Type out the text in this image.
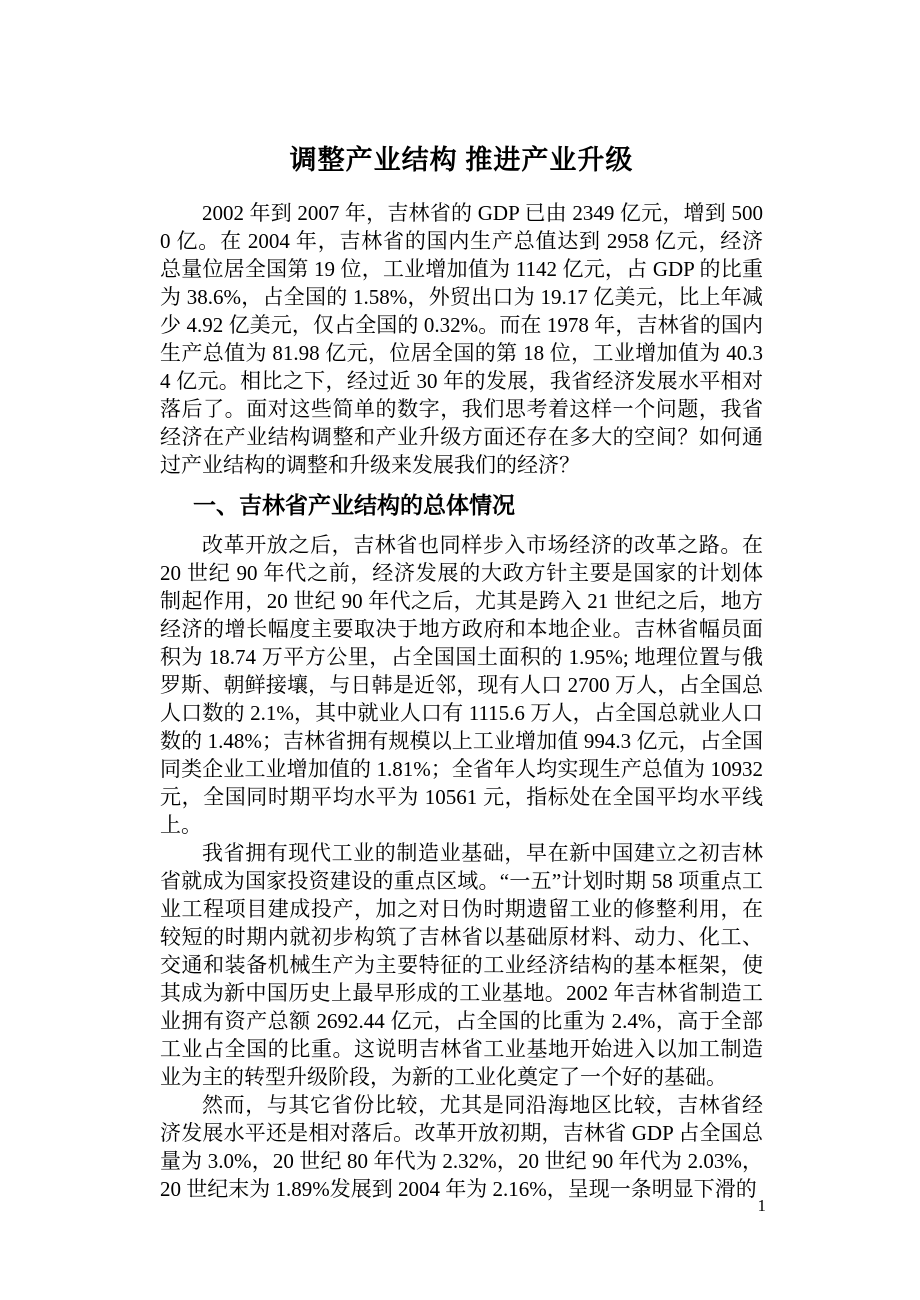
调整产业结构 推进产业升级

2002 年到 2007 年，吉林省的 GDP 已由 2349 亿元，增到 5000 亿。在 2004 年，吉林省的国内生产总值达到 2958 亿元，经济总量位居全国第 19 位，工业增加值为 1142 亿元，占 GDP 的比重为 38.6%，占全国的 1.58%，外贸出口为 19.17 亿美元，比上年减少 4.92 亿美元，仅占全国的 0.32%。而在 1978 年，吉林省的国内生产总值为 81.98 亿元，位居全国的第 18 位，工业增加值为 40.34 亿元。相比之下，经过近 30 年的发展，我省经济发展水平相对落后了。面对这些简单的数字，我们思考着这样一个问题，我省经济在产业结构调整和产业升级方面还存在多大的空间？如何通过产业结构的调整和升级来发展我们的经济？

一、吉林省产业结构的总体情况

改革开放之后，吉林省也同样步入市场经济的改革之路。在 20 世纪 90 年代之前，经济发展的大政方针主要是国家的计划体制起作用，20 世纪 90 年代之后，尤其是跨入 21 世纪之后，地方经济的增长幅度主要取决于地方政府和本地企业。吉林省幅员面积为 18.74 万平方公里，占全国国土面积的 1.95%; 地理位置与俄罗斯、朝鲜接壤，与日韩是近邻，现有人口 2700 万人，占全国总人口数的 2.1%，其中就业人口有 1115.6 万人，占全国总就业人口数的 1.48%；吉林省拥有规模以上工业增加值 994.3 亿元，占全国同类企业工业增加值的 1.81%；全省年人均实现生产总值为 10932 元，全国同时期平均水平为 10561 元，指标处在全国平均水平线上。

我省拥有现代工业的制造业基础，早在新中国建立之初吉林省就成为国家投资建设的重点区域。“一五”计划时期 58 项重点工业工程项目建成投产，加之对日伪时期遗留工业的修整利用，在较短的时期内就初步构筑了吉林省以基础原材料、动力、化工、交通和装备机械生产为主要特征的工业经济结构的基本框架，使其成为新中国历史上最早形成的工业基地。2002 年吉林省制造工业拥有资产总额 2692.44 亿元，占全国的比重为 2.4%，高于全部工业占全国的比重。这说明吉林省工业基地开始进入以加工制造业为主的转型升级阶段，为新的工业化奠定了一个好的基础。

然而，与其它省份比较，尤其是同沿海地区比较，吉林省经济发展水平还是相对落后。改革开放初期，吉林省 GDP 占全国总量为 3.0%，20 世纪 80 年代为 2.32%，20 世纪 90 年代为 2.03%，20 世纪末为 1.89%发展到 2004 年为 2.16%，呈现一条明显下滑的

1
